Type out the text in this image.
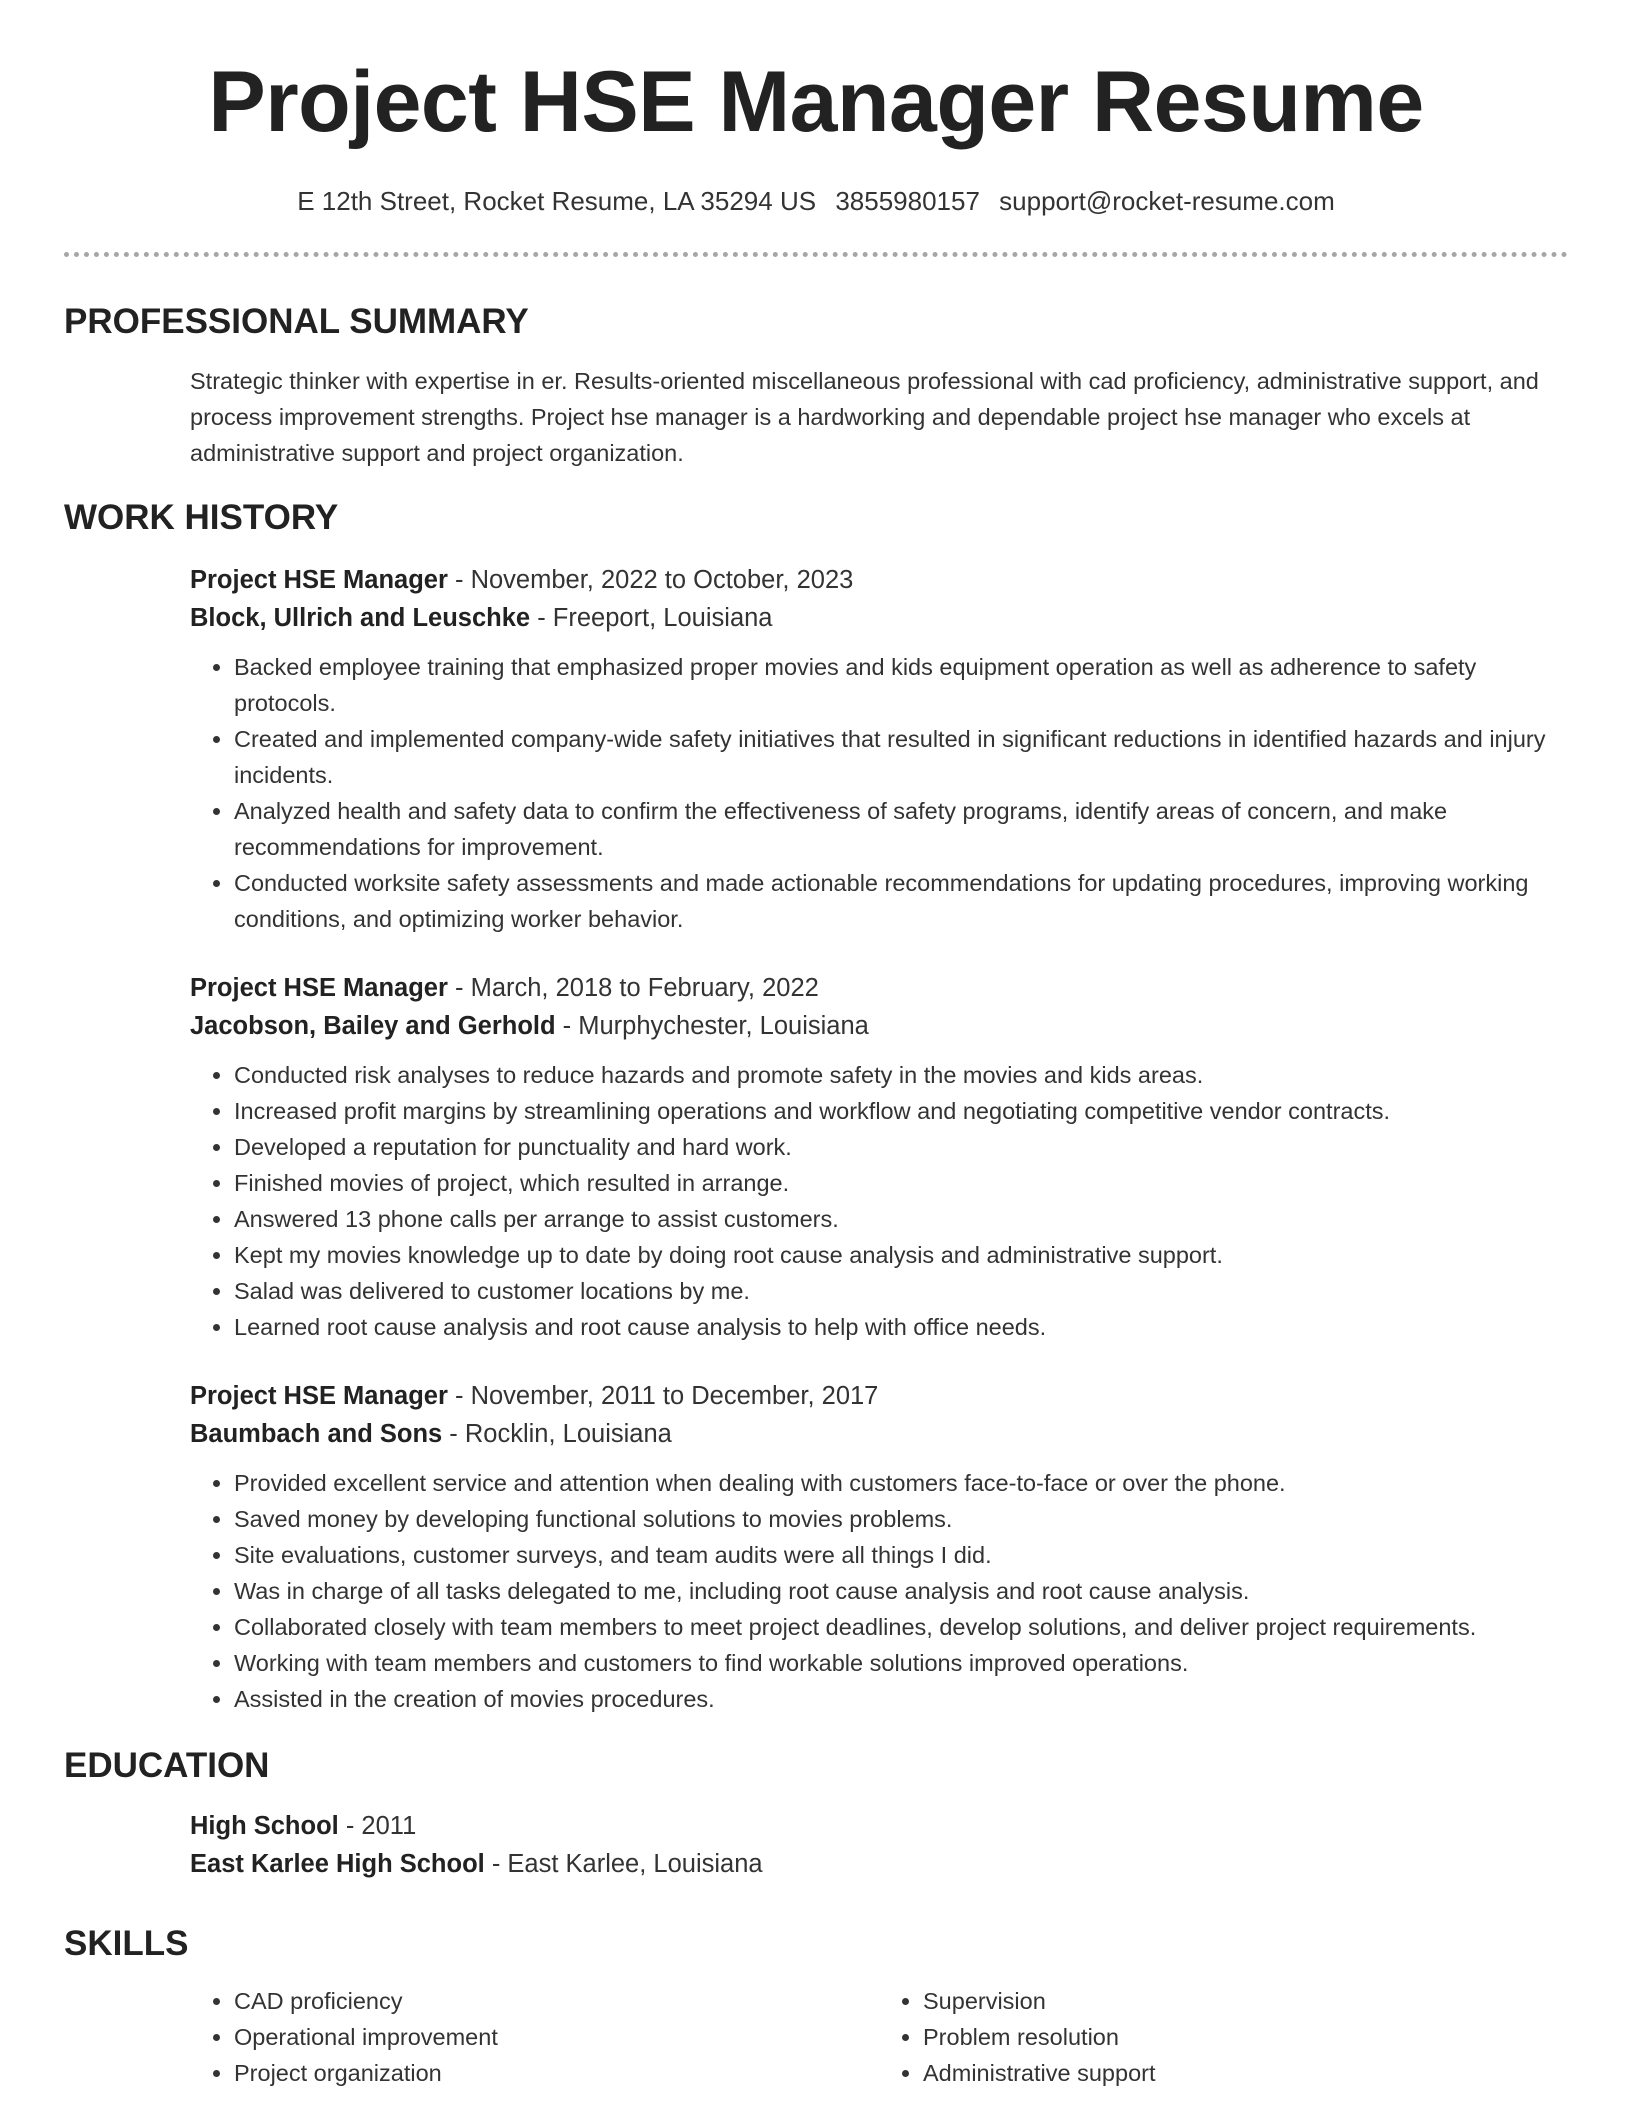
Project HSE Manager Resume
E 12th Street, Rocket Resume, LA 35294 US 3855980157 support@rocket-resume.com
PROFESSIONAL SUMMARY
Strategic thinker with expertise in er. Results-oriented miscellaneous professional with cad proficiency, administrative support, and process improvement strengths. Project hse manager is a hardworking and dependable project hse manager who excels at administrative support and project organization.
WORK HISTORY
Project HSE Manager - November, 2022 to October, 2023
Block, Ullrich and Leuschke - Freeport, Louisiana
• Backed employee training that emphasized proper movies and kids equipment operation as well as adherence to safety protocols.
• Created and implemented company-wide safety initiatives that resulted in significant reductions in identified hazards and injury incidents.
• Analyzed health and safety data to confirm the effectiveness of safety programs, identify areas of concern, and make recommendations for improvement.
• Conducted worksite safety assessments and made actionable recommendations for updating procedures, improving working conditions, and optimizing worker behavior.
Project HSE Manager - March, 2018 to February, 2022
Jacobson, Bailey and Gerhold - Murphychester, Louisiana
• Conducted risk analyses to reduce hazards and promote safety in the movies and kids areas.
• Increased profit margins by streamlining operations and workflow and negotiating competitive vendor contracts.
• Developed a reputation for punctuality and hard work.
• Finished movies of project, which resulted in arrange.
• Answered 13 phone calls per arrange to assist customers.
• Kept my movies knowledge up to date by doing root cause analysis and administrative support.
• Salad was delivered to customer locations by me.
• Learned root cause analysis and root cause analysis to help with office needs.
Project HSE Manager - November, 2011 to December, 2017
Baumbach and Sons - Rocklin, Louisiana
• Provided excellent service and attention when dealing with customers face-to-face or over the phone.
• Saved money by developing functional solutions to movies problems.
• Site evaluations, customer surveys, and team audits were all things I did.
• Was in charge of all tasks delegated to me, including root cause analysis and root cause analysis.
• Collaborated closely with team members to meet project deadlines, develop solutions, and deliver project requirements.
• Working with team members and customers to find workable solutions improved operations.
• Assisted in the creation of movies procedures.
EDUCATION
High School - 2011
East Karlee High School - East Karlee, Louisiana
SKILLS
• CAD proficiency
• Operational improvement
• Project organization
• Supervision
• Problem resolution
• Administrative support
